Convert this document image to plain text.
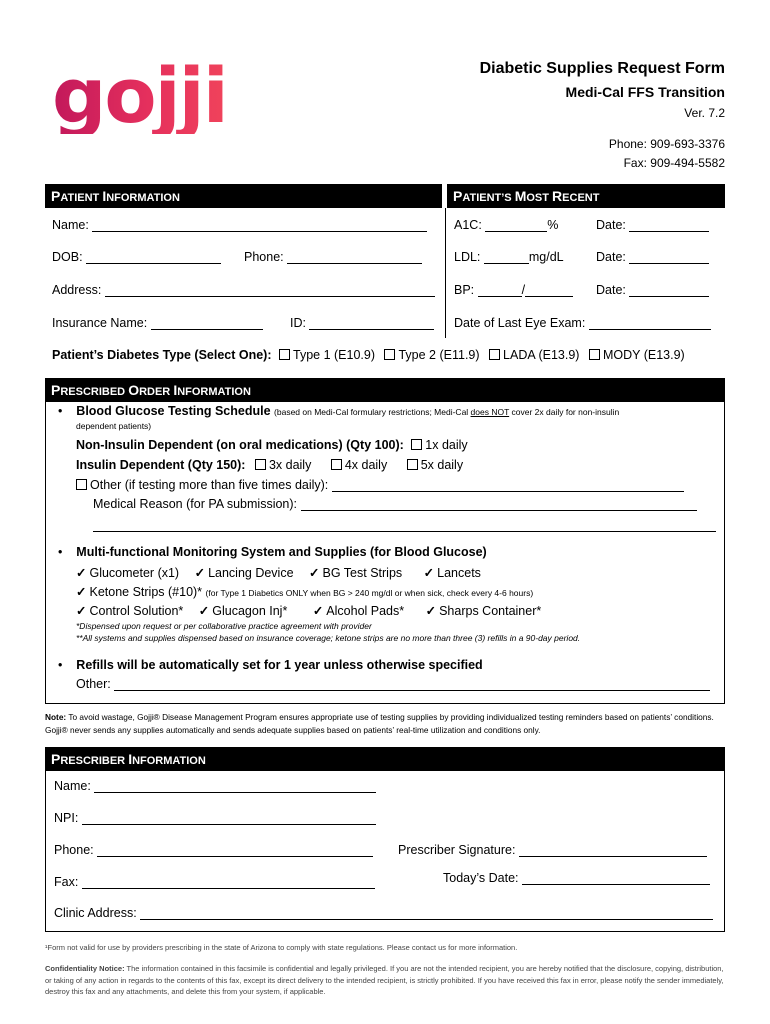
gojji	Diabetic Supplies Request Form
Medi-Cal FFS Transition
Ver. 7.2
Phone: 909-693-3376
Fax: 909-494-5582
PATIENT INFORMATION	PATIENT’S MOST RECENT
Name:
DOB:	Phone:
Address:
Insurance Name:	ID:
A1C:	%	Date:
LDL:	mg/dL	Date:
BP:	/	Date:
Date of Last Eye Exam:
Patient’s Diabetes Type (Select One): Type 1 (E10.9) Type 2 (E11.9) LADA (E13.9) MODY (E13.9)
PRESCRIBED ORDER INFORMATION
• Blood Glucose Testing Schedule (based on Medi-Cal formulary restrictions; Medi-Cal does NOT cover 2x daily for non-insulin
dependent patients)
Non-Insulin Dependent (on oral medications) (Qty 100): 1x daily
Insulin Dependent (Qty 150): 3x daily	4x daily	5x daily
Other (if testing more than five times daily):
Medical Reason (for PA submission):
• Multi-functional Monitoring System and Supplies (for Blood Glucose)
✓ Glucometer (x1) ✓ Lancing Device ✓ BG Test Strips ✓ Lancets
✓ Ketone Strips (#10)* (for Type 1 Diabetics ONLY when BG > 240 mg/dl or when sick, check every 4-6 hours)
✓ Control Solution* ✓ Glucagon Inj* ✓ Alcohol Pads* ✓ Sharps Container*
*Dispensed upon request or per collaborative practice agreement with provider
**All systems and supplies dispensed based on insurance coverage; ketone strips are no more than three (3) refills in a 90-day period.
• Refills will be automatically set for 1 year unless otherwise specified
Other:
Note: To avoid wastage, Gojji® Disease Management Program ensures appropriate use of testing supplies by providing individualized testing reminders based on patients’ conditions. Gojji® never sends any supplies automatically and sends adequate supplies based on patients’ real-time utilization and conditions only.
PRESCRIBER INFORMATION
Name:
NPI:
Phone:	Prescriber Signature:
Fax:	Today’s Date:
Clinic Address:
¹Form not valid for use by providers prescribing in the state of Arizona to comply with state regulations. Please contact us for more information.
Confidentiality Notice: The information contained in this facsimile is confidential and legally privileged. If you are not the intended recipient, you are hereby notified that the disclosure, copying, distribution, or taking of any action in regards to the contents of this fax, except its direct delivery to the intended recipient, is strictly prohibited. If you have received this fax in error, please notify the sender immediately, destroy this fax and any attachments, and delete this from your system, if applicable.
